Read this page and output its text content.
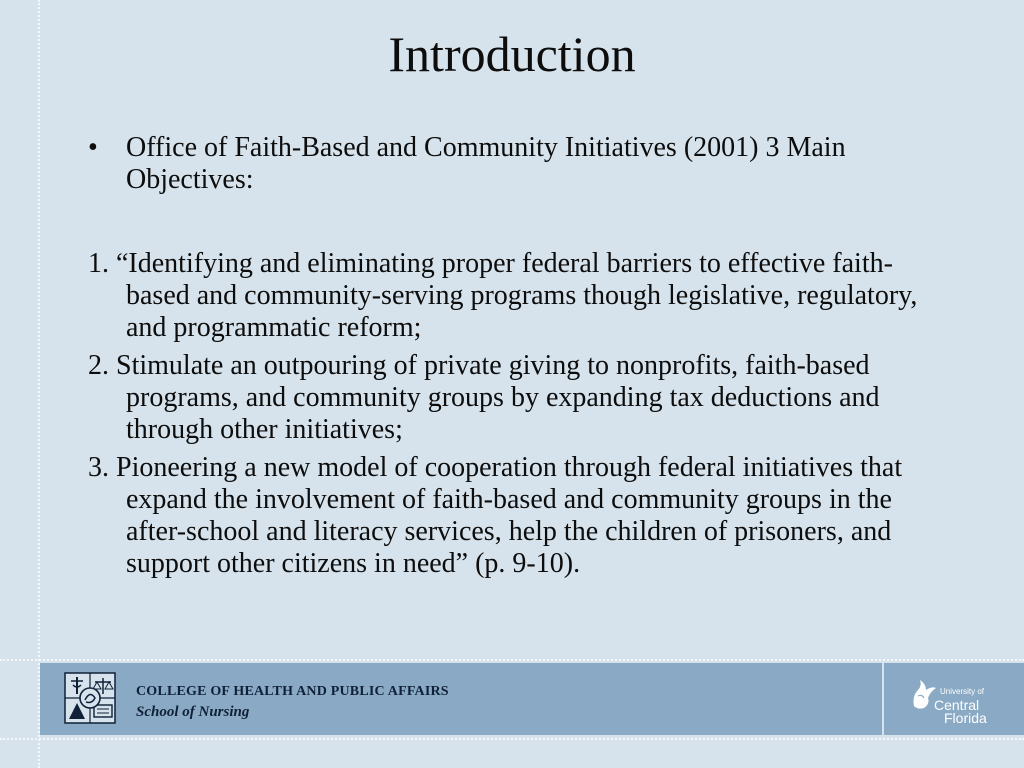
Introduction
•	Office of Faith-Based and Community Initiatives (2001) 3 Main Objectives:

1. “Identifying and eliminating proper federal barriers to effective faith-based and community-serving programs though legislative, regulatory, and programmatic reform;

2. Stimulate an outpouring of private giving to nonprofits, faith-based programs, and community groups by expanding tax deductions and through other initiatives;

3. Pioneering a new model of cooperation through federal initiatives that expand the involvement of faith-based and community groups in the after-school and literacy services, help the children of prisoners, and support other citizens in need” (p. 9-10).

COLLEGE OF HEALTH AND PUBLIC AFFAIRS
School of Nursing
University of
Central
Florida
